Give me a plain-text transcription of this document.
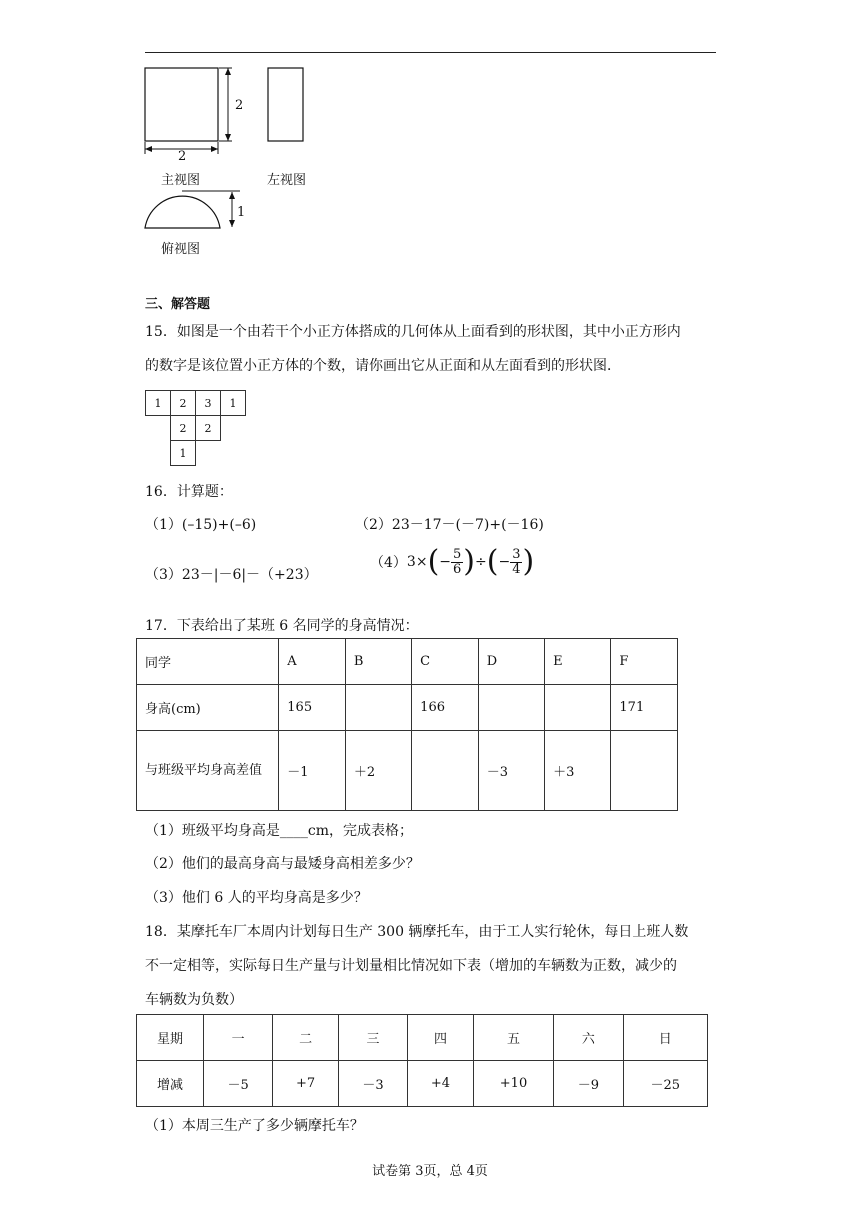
2
2
主视图	左视图
1
俯视图
三、解答题
15．如图是一个由若干个小正方体搭成的几何体从上面看到的形状图，其中小正方形内
的数字是该位置小正方体的个数，请你画出它从正面和从左面看到的形状图．
1	2	3	1
	2	2	
	1		
16．计算题：
（1）(–15)+(–6)	（2）23－17－(－7)+(－16)
（3）23－|－6|－（+23）
$(4)3\times(- \frac{5}{6}$ )÷(− $\frac{3}{4}$ )
17．下表给出了某班 6 名同学的身高情况：
同学	A	B	C	D	E	F
身高(cm)	165		166			171
与班级平均身高差值	－1	＋2		－3	＋3	
（1）班级平均身高是____cm，完成表格；
（2）他们的最高身高与最矮身高相差多少？
（3）他们 6 人的平均身高是多少？
18．某摩托车厂本周内计划每日生产 300 辆摩托车，由于工人实行轮休，每日上班人数
不一定相等，实际每日生产量与计划量相比情况如下表（增加的车辆数为正数，减少的
车辆数为负数）
星期	一	二	三	四	五	六	日
增减	－5	+7	－3	+4	+10	－9	－25
（1）本周三生产了多少辆摩托车？
试卷第 3页，总 4页
